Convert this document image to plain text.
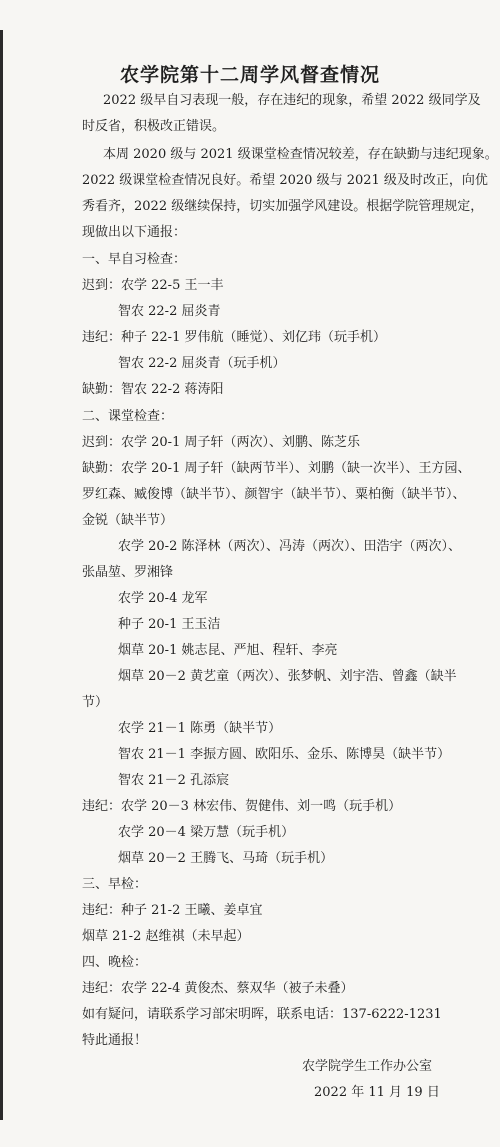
农学院第十二周学风督查情况
2022 级早自习表现一般，存在违纪的现象，希望 2022 级同学及
时反省，积极改正错误。
本周 2020 级与 2021 级课堂检查情况较差，存在缺勤与违纪现象。
2022 级课堂检查情况良好。希望 2020 级与 2021 级及时改正，向优
秀看齐，2022 级继续保持，切实加强学风建设。根据学院管理规定，
现做出以下通报：
一、早自习检查：
迟到：农学 22-5 王一丰
智农 22-2 屈炎青
违纪：种子 22-1 罗伟航（睡觉）、刘亿玮（玩手机）
智农 22-2 屈炎青（玩手机）
缺勤：智农 22-2 蒋涛阳
二、课堂检查：
迟到：农学 20-1 周子轩（两次）、刘鹏、陈芝乐
缺勤：农学 20-1 周子轩（缺两节半）、刘鹏（缺一次半）、王方园、
罗红森、臧俊博（缺半节）、颜智宇（缺半节）、粟柏衡（缺半节）、
金锐（缺半节）
农学 20-2 陈泽林（两次）、冯涛（两次）、田浩宇（两次）、
张晶堃、罗湘锋
农学 20-4 龙军
种子 20-1 王玉洁
烟草 20-1 姚志昆、严旭、程轩、李亮
烟草 20－2 黄艺童（两次）、张梦帆、刘宇浩、曾鑫（缺半
节）
农学 21－1 陈勇（缺半节）
智农 21－1 李振方圆、欧阳乐、金乐、陈博昊（缺半节）
智农 21－2 孔添宸
违纪：农学 20－3 林宏伟、贺健伟、刘一鸣（玩手机）
农学 20－4 梁万慧（玩手机）
烟草 20－2 王腾飞、马琦（玩手机）
三、早检：
违纪：种子 21-2 王曦、姜卓宜
烟草 21-2 赵维祺（未早起）
四、晚检：
违纪：农学 22-4 黄俊杰、蔡双华（被子未叠）
如有疑问，请联系学习部宋明晖，联系电话：137-6222-1231
特此通报！
农学院学生工作办公室
2022 年 11 月 19 日
